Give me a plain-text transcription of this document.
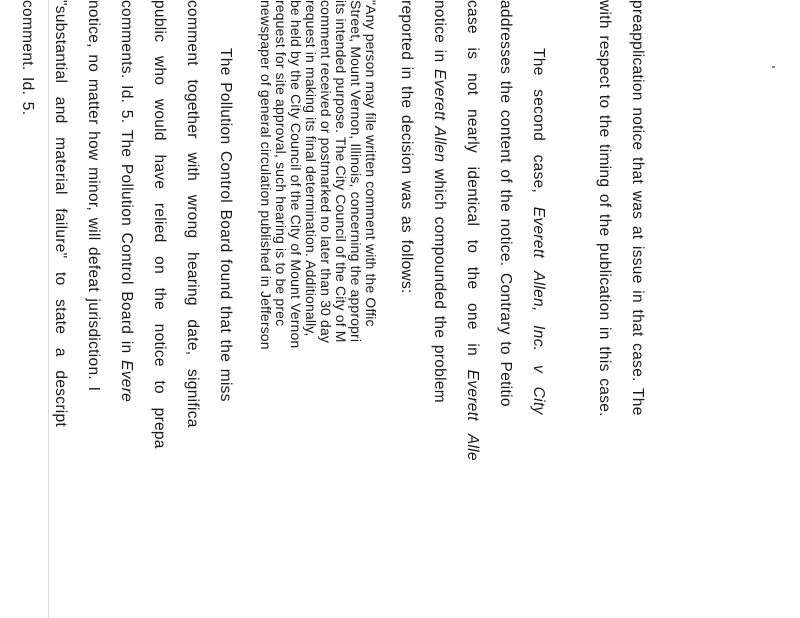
preapplication notice that was at issue in that case. The
with respect to the timing of the publication in this case.
The second case, Everett Allen, Inc. v City
addresses the content of the notice. Contrary to Petitio
case is not nearly identical to the one in Everett Alle
notice in Everett Allen which compounded the problem
reported in the decision was as follows:
"Any person may file written comment with the Offic
Street, Mount Vernon, Illinois, concerning the appropri
its intended purpose. The City Council of the City of M
comment received or postmarked no later than 30 day
request in making its final determination. Additionally,
be held by the City Council of the City of Mount Vernon
request for site approval, such hearing is to be prec
newspaper of general circulation published in Jefferson
The Pollution Control Board found that the miss
comment together with wrong hearing date, significa
public who would have relied on the notice to prepa
comments. Id. 5. The Pollution Control Board in Evere
notice, no matter how minor, will defeat jurisdiction. I
"substantial and material failure" to state a descript
comment. Id. 5.
